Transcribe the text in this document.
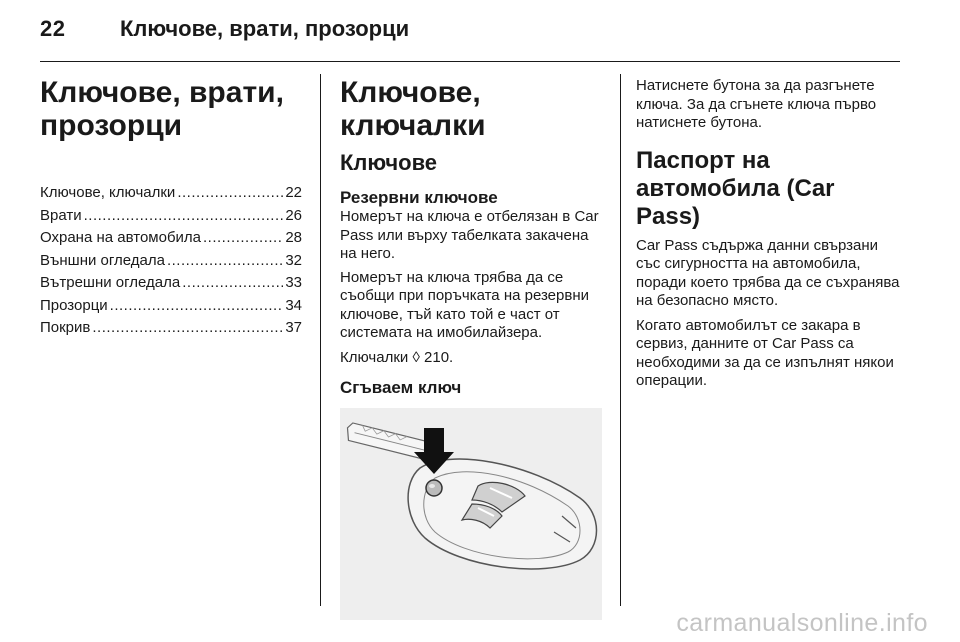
22 Ключове, врати, прозорци
Ключове, врати, прозорци
Ключове, ключалки .....	22
Врати .....	26
Охрана на автомобила .....	28
Външни огледала .....	32
Вътрешни огледала .....	33
Прозорци .....	34
Покрив .....	37
Ключове, ключалки
Ключове
Резервни ключове

Номерът на ключа е отбелязан в Car Pass или върху табелката закачена на него.

Номерът на ключа трябва да се съобщи при поръчката на резервни ключове, тъй като той е част от системата на имобилайзера.

Ключалки ◊ 210.

Сгъваем ключ

Натиснете бутона за да разгънете ключа. За да сгънете ключа първо натиснете бутона.

Паспорт на автомобила (Car Pass)

Car Pass съдържа данни свързани със сигурността на автомобила, поради което трябва да се съхранява на безопасно място.

Когато автомобилът се закара в сервиз, данните от Car Pass са необходими за да се изпълнят някои операции.

carmanualsonline.info
